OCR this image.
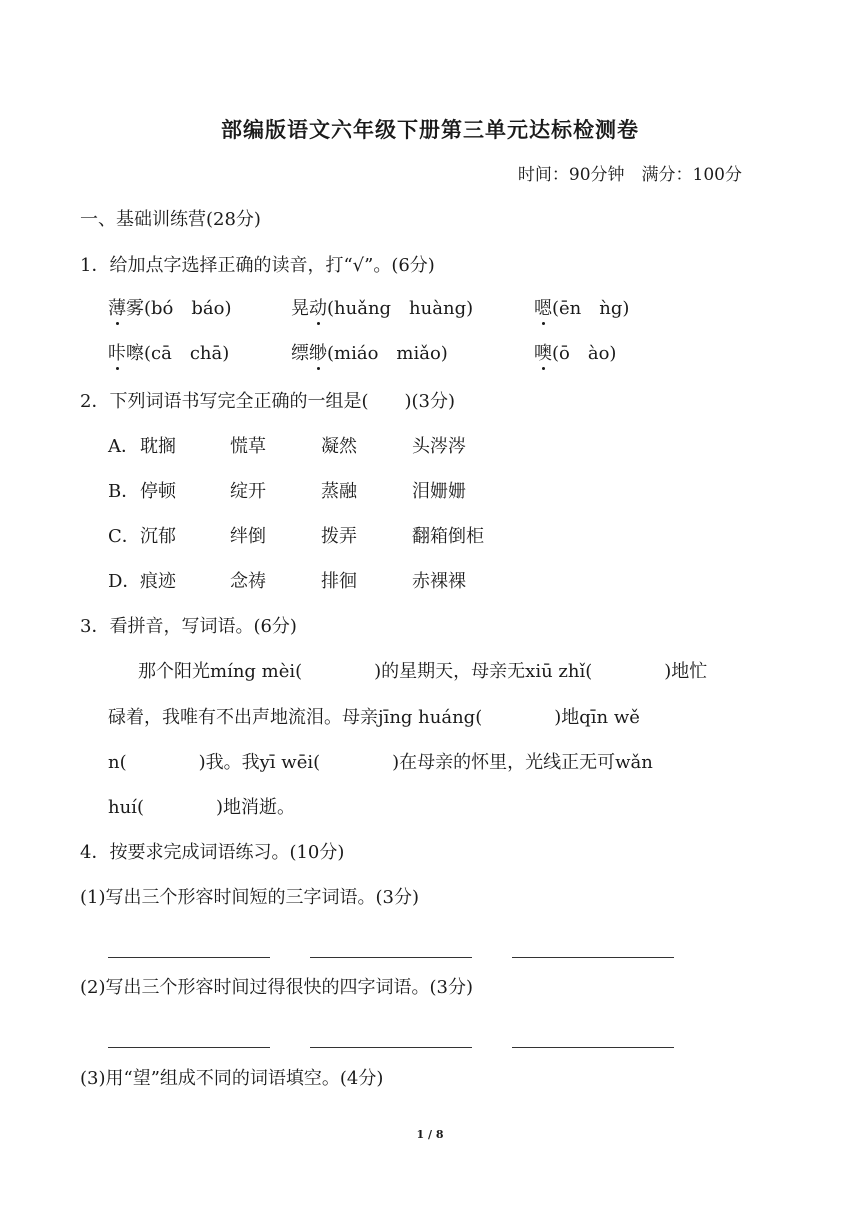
部编版语文六年级下册第三单元达标检测卷
时间：90分钟　满分：100分
一、基础训练营(28分)
1．给加点字选择正确的读音，打“√”。(6分)
薄雾(bó　báo)	晃动(huǎng　huàng)	嗯(ēn　ǹg)
咔嚓(cā　chā)	缥缈(miáo　miǎo)	噢(ō　ào)
2．下列词语书写完全正确的一组是(　　)(3分)
A． 耽搁	慌草	凝然	头涔涔
B． 停顿	绽开	蒸融	泪姗姗
C． 沉郁	绊倒	拨弄	翻箱倒柜
D． 痕迹	念祷	排徊	赤裸裸
3．看拼音，写词语。(6分)
　那个阳光míng mèi(　　　　)的星期天，母亲无xiū zhǐ(　　　　)地忙
碌着，我唯有不出声地流泪。母亲jīng huáng(　　　　)地qīn wě
n(　　　　)我。我yī wēi(　　　　)在母亲的怀里，光线正无可wǎn
huí(　　　　)地消逝。
4．按要求完成词语练习。(10分)
(1)写出三个形容时间短的三字词语。(3分)
(2)写出三个形容时间过得很快的四字词语。(3分)
(3)用“望”组成不同的词语填空。(4分)
1 / 8
